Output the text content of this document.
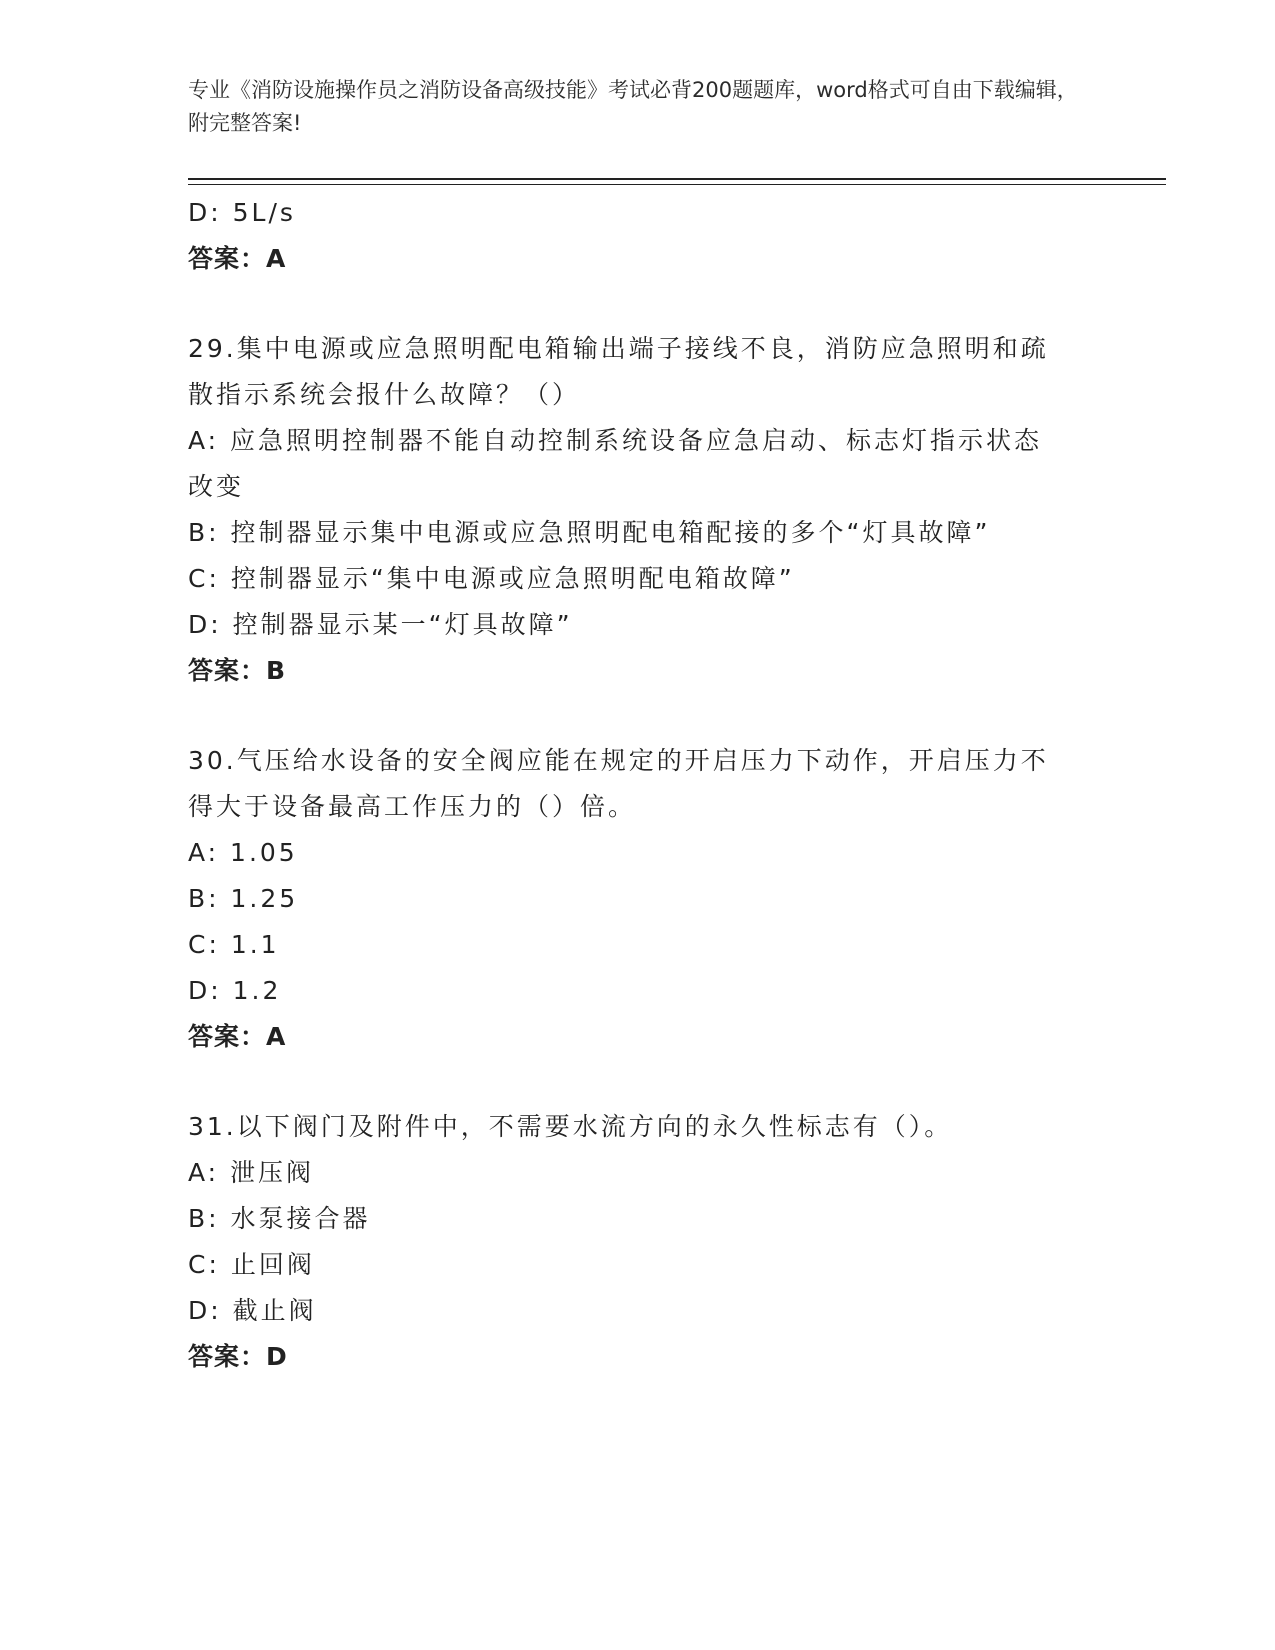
专业《消防设施操作员之消防设备高级技能》考试必背200题题库，word格式可自由下载编辑，附完整答案!
D: 5L/s
答案：A
29.集中电源或应急照明配电箱输出端子接线不良，消防应急照明和疏
散指示系统会报什么故障？（）
A: 应急照明控制器不能自动控制系统设备应急启动、标志灯指示状态
改变
B: 控制器显示集中电源或应急照明配电箱配接的多个“灯具故障”
C: 控制器显示“集中电源或应急照明配电箱故障”
D: 控制器显示某一“灯具故障”
答案：B
30.气压给水设备的安全阀应能在规定的开启压力下动作，开启压力不
得大于设备最高工作压力的（）倍。
A: 1.05
B: 1.25
C: 1.1
D: 1.2
答案：A
31.以下阀门及附件中，不需要水流方向的永久性标志有（）。
A: 泄压阀
B: 水泵接合器
C: 止回阀
D: 截止阀
答案：D
